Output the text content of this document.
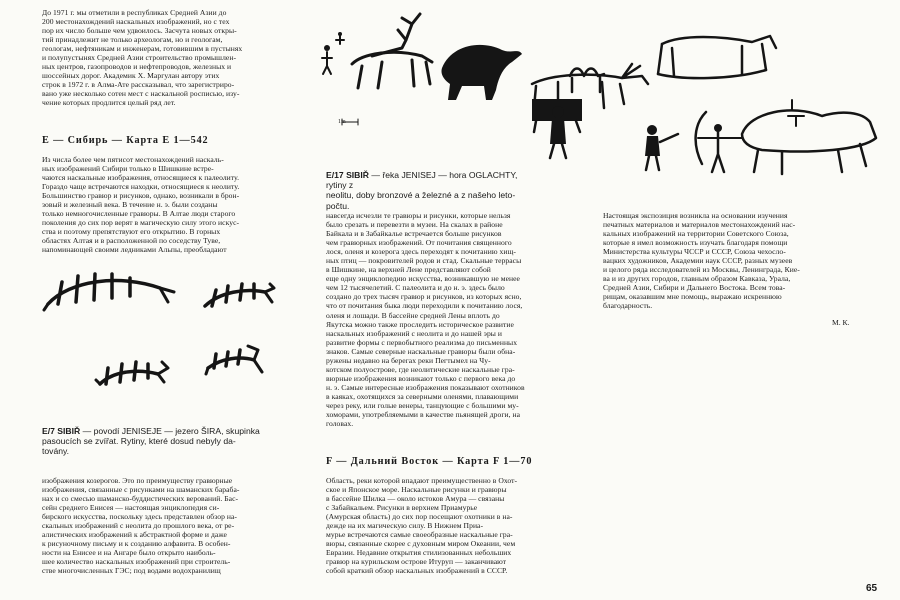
До 1971 г. мы отметили в республиках Средней Азии до
200 местонахождений наскальных изображений, но с тех
пор их число больше чем удвоилось. Засчута новых откры-
тий принадлежит не только археологам, но и геологам,
геологам, нефтяникам и инженерам, готовившим в пустынях
и полупустынях Средней Азии строительство промышлен-
ных центров, газопроводов и нефтепроводов, железных и
шоссейных дорог. Академик Х. Маргулан автору этих
строк в 1972 г. в Алма-Ате рассказывал, что зарегистриро-
вано уже несколько сотен мест с наскальной росписью, изу-
чение которых продлится целый ряд лет.

Е — Сибирь — Карта Е 1—542

Из числа более чем пятисот местонахождений наскаль-
ных изображений Сибири только в Шишкине встре-
чаются наскальные изображения, относящиеся к палеолиту.
Гораздо чаще встречаются находки, относящиеся к неолиту.
Большинство гравюр и рисунков, однако, возникали в брон-
зовый и железный века. В течение н. э. были созданы
только немногочисленные гравюры. В Алтае люди старого
поколения до сих пор верят в магическую силу этого искус-
ства и поэтому препятствуют его открытию. В горных
областях Алтая и в расположенной по соседству Туве,
напоминающей своими ледниками Альпы, преобладают

E/7 SIBIŘ — povodí JENISEJE — jezero ŠIRA, skupinka
pasoucích se zvířat. Rytiny, které dosud nebyly da-
továny.

изображения козерогов. Это по преимуществу гравюрные
изображения, связанные с рисунками на шаманских бараба-
нах и со смесью шаманско-буддистических верований. Бас-
сейн среднего Енисея — настоящая энциклопедия си-
бирского искусства, поскольку здесь представлен обзор на-
скальных изображений с неолита до прошлого века, от ре-
алистических изображений к абстрактной форме и даже
к рисуночному письму и к созданию алфавита. В особен-
ности на Енисее и на Ангаре было открыто наиболь-
шее количество наскальных изображений при строитель-
стве многочисленных ГЭС; под водами водохранилищ

1m

E/17 SIBIŘ — řeka JENISEJ — hora OGLACHTY, rytiny z
neolitu, doby bronzové a železné a z našeho leto-
počtu.

навсегда исчезли те гравюры и рисунки, которые нельзя
было срезать и перевезти в музеи. На скалах в районе
Байкала и в Забайкалье встречается больше рисунков
чем гравюрных изображений. От почитания священного
лося, оленя и козерога здесь переходят к почитанию хищ-
ных птиц — покровителей родов и стад. Скальные террасы
в Шишкине, на верхней Лене представляют собой
еще одну энциклопедию искусства, возникавшую не менее
чем 12 тысячелетий. С палеолита и до н. э. здесь было
создано до трех тысяч гравюр и рисунков, из которых ясно,
что от почитания быка люди переходили к почитанию лося,
оленя и лошади. В бассейне средней Лены вплоть до
Якутска можно также проследить историческое развитие
наскальных изображений с неолита и до нашей эры и
развитие формы с первобытного реализма до письменных
знаков. Самые северные наскальные гравюры были обна-
ружены недавно на берегах реки Пегтымел на Чу-
котском полуострове, где неолитические наскальные гра-
вюрные изображения возникают только с первого века до
н. э. Самые интересные изображения показывают охотников
в каяках, охотящихся за северными оленями, плавающими
через реку, или голые венеры, танцующие с большими му-
хоморами, употребляемыми в качестве пьянящей дроги, на
головах.

F — Дальний Восток — Карта F 1—70

Область, реки которой впадают преимущественно в Охот-
ское и Японское море. Наскальные рисунки и гравюры
в бассейне Шилка — около истоков Амура — связаны
с Забайкальем. Рисунки в верхнем Приамурье
(Амурская область) до сих пор посещают охотники в на-
дежде на их магическую силу. В Нижнем Приа-
мурье встречаются самые своеобразные наскальные гра-
вюры, связанные скорее с духовным миром Океании, чем
Евразии. Недавние открытия стилизованных небольших
гравюр на курильском острове Итуруп — заканчивают
собой краткий обзор наскальных изображений в СССР.

Настоящая экспозиция возникла на основании изучения
печатных материалов и материалов местонахождений нас-
кальных изображений на территории Советского Союза,
которые я имел возможность изучать благодаря помощи
Министерства культуры ЧССР и СССР, Союза чехосло-
вацких художников, Академии наук СССР, разных музеев
и целого ряда исследователей из Москвы, Ленинграда, Кие-
ва и из других городов, главным образом Кавказа, Урала,
Средней Азии, Сибири и Дальнего Востока. Всем това-
рищам, оказавшим мне помощь, выражаю искреннюю
благодарность.

М. К.

65
